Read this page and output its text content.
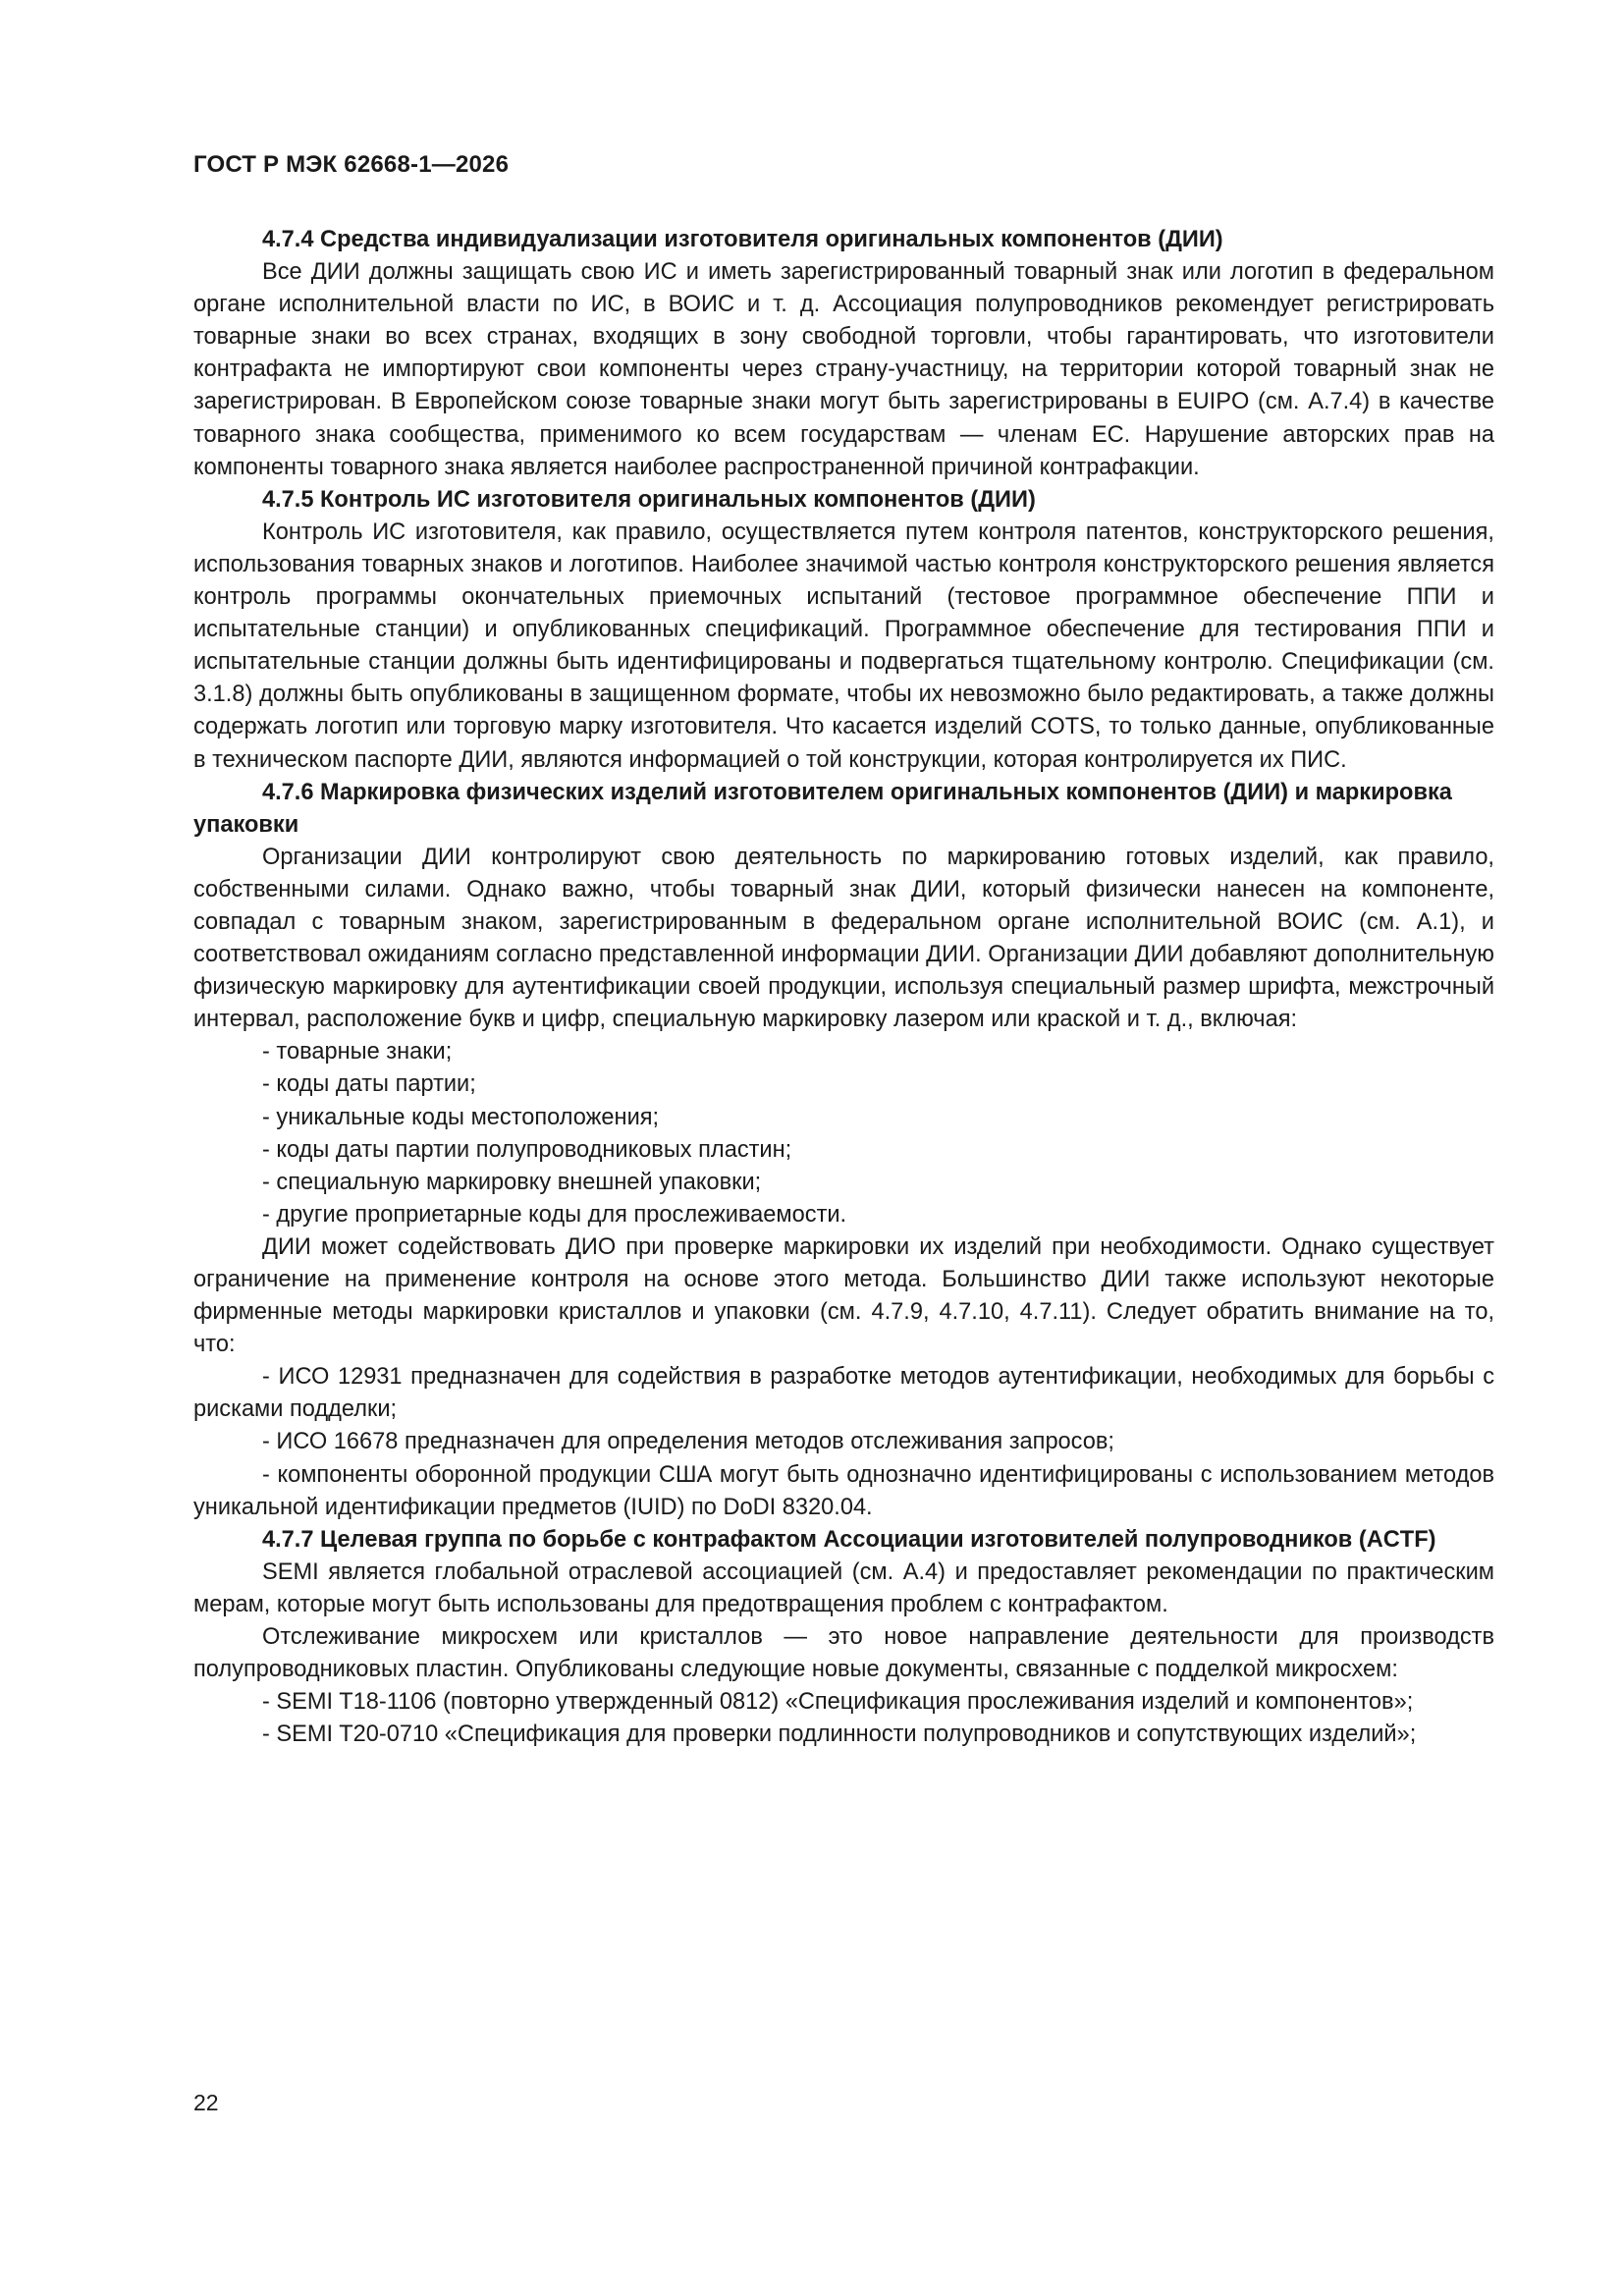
ГОСТ Р МЭК 62668-1—2026

4.7.4 Средства индивидуализации изготовителя оригинальных компонентов (ДИИ)

Все ДИИ должны защищать свою ИС и иметь зарегистрированный товарный знак или логотип в федеральном органе исполнительной власти по ИС, в ВОИС и т. д. Ассоциация полупроводников рекомендует регистрировать товарные знаки во всех странах, входящих в зону свободной торговли, чтобы гарантировать, что изготовители контрафакта не импортируют свои компоненты через страну-участницу, на территории которой товарный знак не зарегистрирован. В Европейском союзе товарные знаки могут быть зарегистрированы в EUIPO (см. А.7.4) в качестве товарного знака сообщества, применимого ко всем государствам — членам ЕС. Нарушение авторских прав на компоненты товарного знака является наиболее распространенной причиной контрафакции.

4.7.5 Контроль ИС изготовителя оригинальных компонентов (ДИИ)

Контроль ИС изготовителя, как правило, осуществляется путем контроля патентов, конструкторского решения, использования товарных знаков и логотипов. Наиболее значимой частью контроля конструкторского решения является контроль программы окончательных приемочных испытаний (тестовое программное обеспечение ППИ и испытательные станции) и опубликованных спецификаций. Программное обеспечение для тестирования ППИ и испытательные станции должны быть идентифицированы и подвергаться тщательному контролю. Спецификации (см. 3.1.8) должны быть опубликованы в защищенном формате, чтобы их невозможно было редактировать, а также должны содержать логотип или торговую марку изготовителя. Что касается изделий COTS, то только данные, опубликованные в техническом паспорте ДИИ, являются информацией о той конструкции, которая контролируется их ПИС.

4.7.6 Маркировка физических изделий изготовителем оригинальных компонентов (ДИИ) и маркировка упаковки

Организации ДИИ контролируют свою деятельность по маркированию готовых изделий, как правило, собственными силами. Однако важно, чтобы товарный знак ДИИ, который физически нанесен на компоненте, совпадал с товарным знаком, зарегистрированным в федеральном органе исполнительной ВОИС (см. А.1), и соответствовал ожиданиям согласно представленной информации ДИИ. Организации ДИИ добавляют дополнительную физическую маркировку для аутентификации своей продукции, используя специальный размер шрифта, межстрочный интервал, расположение букв и цифр, специальную маркировку лазером или краской и т. д., включая:

- товарные знаки;

- коды даты партии;

- уникальные коды местоположения;

- коды даты партии полупроводниковых пластин;

- специальную маркировку внешней упаковки;

- другие проприетарные коды для прослеживаемости.

ДИИ может содействовать ДИО при проверке маркировки их изделий при необходимости. Однако существует ограничение на применение контроля на основе этого метода. Большинство ДИИ также используют некоторые фирменные методы маркировки кристаллов и упаковки (см. 4.7.9, 4.7.10, 4.7.11). Следует обратить внимание на то, что:

- ИСО 12931 предназначен для содействия в разработке методов аутентификации, необходимых для борьбы с рисками подделки;

- ИСО 16678 предназначен для определения методов отслеживания запросов;

- компоненты оборонной продукции США могут быть однозначно идентифицированы с использованием методов уникальной идентификации предметов (IUID) по DoDI 8320.04.

4.7.7 Целевая группа по борьбе с контрафактом Ассоциации изготовителей полупроводников (ACTF)

SEMI является глобальной отраслевой ассоциацией (см. А.4) и предоставляет рекомендации по практическим мерам, которые могут быть использованы для предотвращения проблем с контрафактом.

Отслеживание микросхем или кристаллов — это новое направление деятельности для производств полупроводниковых пластин. Опубликованы следующие новые документы, связанные с подделкой микросхем:

- SEMI T18-1106 (повторно утвержденный 0812) «Спецификация прослеживания изделий и компонентов»;

- SEMI T20-0710 «Спецификация для проверки подлинности полупроводников и сопутствующих изделий»;

22
